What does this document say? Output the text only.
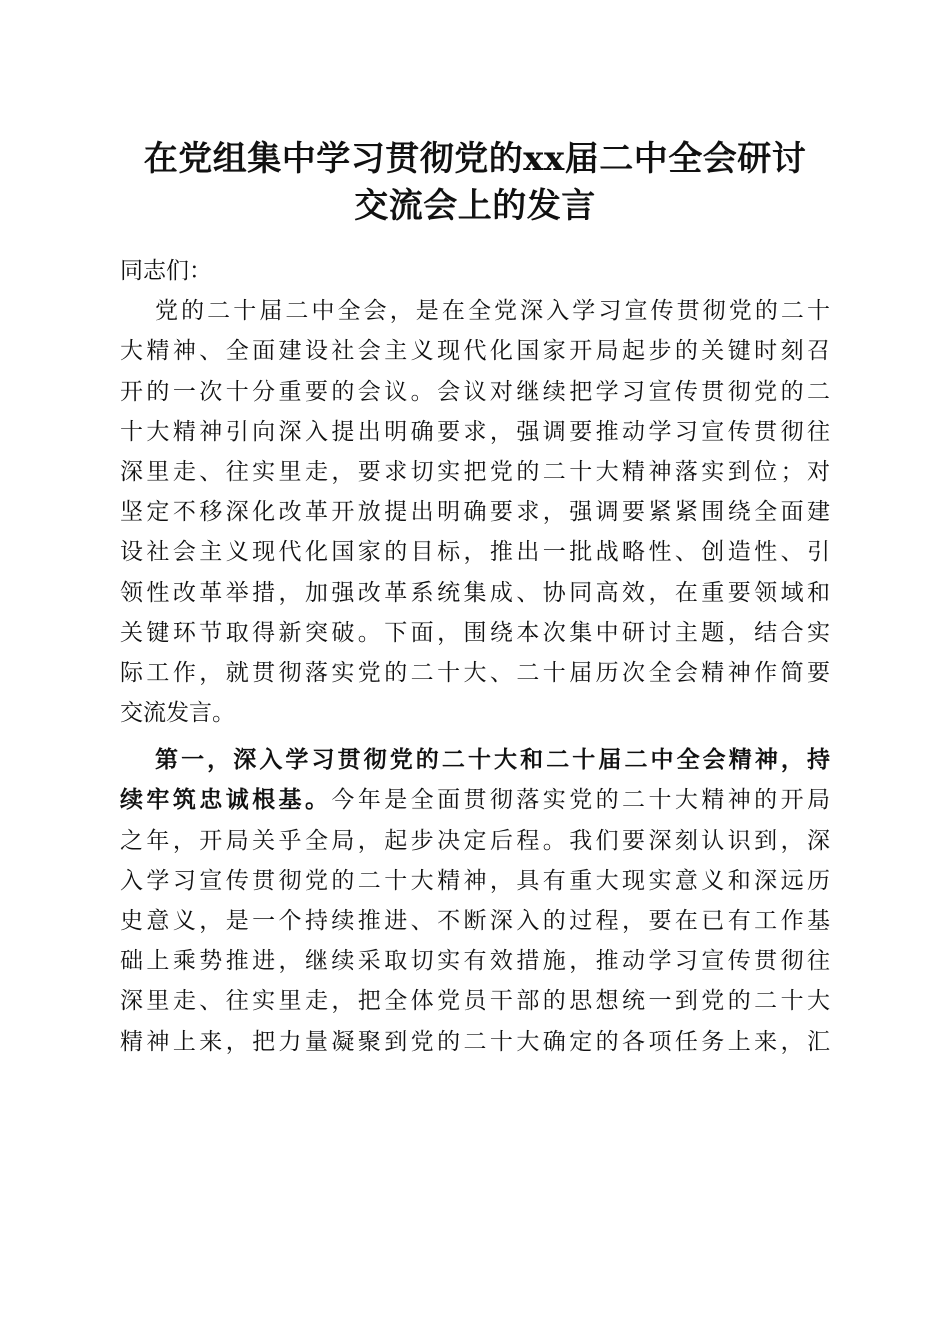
在党组集中学习贯彻党的xx届二中全会研讨
交流会上的发言
同志们：
党的二十届二中全会，是在全党深入学习宣传贯彻党的二十
大精神、全面建设社会主义现代化国家开局起步的关键时刻召
开的一次十分重要的会议。会议对继续把学习宣传贯彻党的二
十大精神引向深入提出明确要求，强调要推动学习宣传贯彻往
深里走、往实里走，要求切实把党的二十大精神落实到位；对
坚定不移深化改革开放提出明确要求，强调要紧紧围绕全面建
设社会主义现代化国家的目标，推出一批战略性、创造性、引
领性改革举措，加强改革系统集成、协同高效，在重要领域和
关键环节取得新突破。下面，围绕本次集中研讨主题，结合实
际工作，就贯彻落实党的二十大、二十届历次全会精神作简要
交流发言。
第一，深入学习贯彻党的二十大和二十届二中全会精神，持
续牢筑忠诚根基。今年是全面贯彻落实党的二十大精神的开局
之年，开局关乎全局，起步决定后程。我们要深刻认识到，深
入学习宣传贯彻党的二十大精神，具有重大现实意义和深远历
史意义，是一个持续推进、不断深入的过程，要在已有工作基
础上乘势推进，继续采取切实有效措施，推动学习宣传贯彻往
深里走、往实里走，把全体党员干部的思想统一到党的二十大
精神上来，把力量凝聚到党的二十大确定的各项任务上来，汇
